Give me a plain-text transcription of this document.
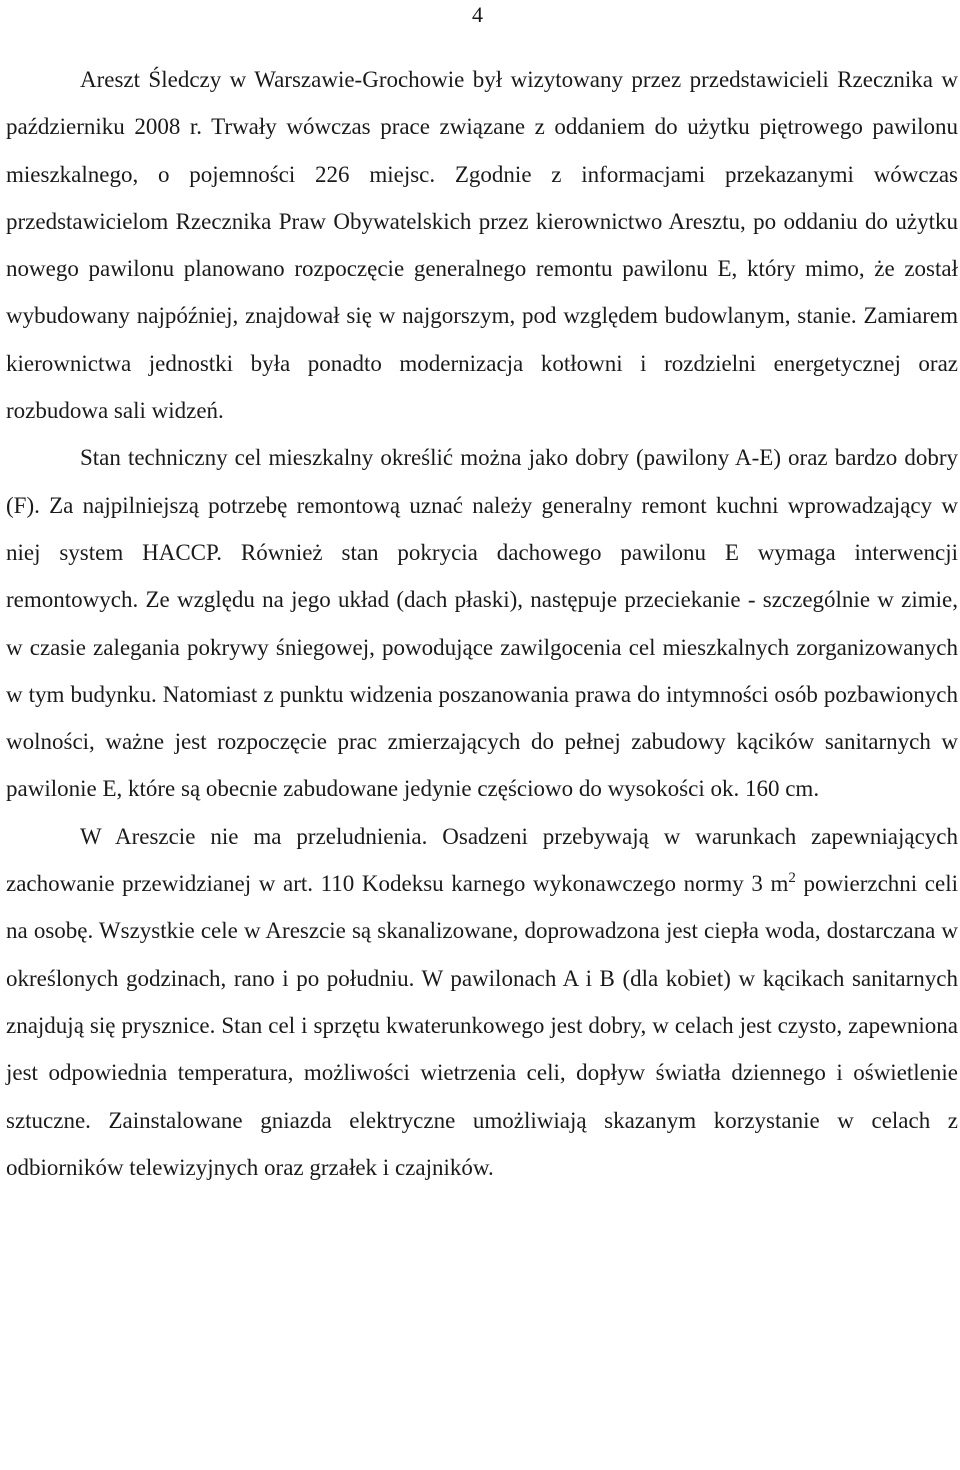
4

Areszt Śledczy w Warszawie-Grochowie był wizytowany przez przedstawicieli Rzecznika w październiku 2008 r. Trwały wówczas prace związane z oddaniem do użytku piętrowego pawilonu mieszkalnego, o pojemności 226 miejsc. Zgodnie z informacjami przekazanymi wówczas przedstawicielom Rzecznika Praw Obywatelskich przez kierownictwo Aresztu, po oddaniu do użytku nowego pawilonu planowano rozpoczęcie generalnego remontu pawilonu E, który mimo, że został wybudowany najpóźniej, znajdował się w najgorszym, pod względem budowlanym, stanie. Zamiarem kierownictwa jednostki była ponadto modernizacja kotłowni i rozdzielni energetycznej oraz rozbudowa sali widzeń.

Stan techniczny cel mieszkalny określić można jako dobry (pawilony A-E) oraz bardzo dobry (F). Za najpilniejszą potrzebę remontową uznać należy generalny remont kuchni wprowadzający w niej system HACCP. Również stan pokrycia dachowego pawilonu E wymaga interwencji remontowych. Ze względu na jego układ (dach płaski), następuje przeciekanie - szczególnie w zimie, w czasie zalegania pokrywy śniegowej, powodujące zawilgocenia cel mieszkalnych zorganizowanych w tym budynku. Natomiast z punktu widzenia poszanowania prawa do intymności osób pozbawionych wolności, ważne jest rozpoczęcie prac zmierzających do pełnej zabudowy kącików sanitarnych w pawilonie E, które są obecnie zabudowane jedynie częściowo do wysokości ok. 160 cm.

W Areszcie nie ma przeludnienia. Osadzeni przebywają w warunkach zapewniających zachowanie przewidzianej w art. 110 Kodeksu karnego wykonawczego normy 3 $m^2$ powierzchni celi na osobę. Wszystkie cele w Areszcie są skanalizowane, doprowadzona jest ciepła woda, dostarczana w określonych godzinach, rano i po południu. W pawilonach A i B (dla kobiet) w kącikach sanitarnych znajdują się prysznice. Stan cel i sprzętu kwaterunkowego jest dobry, w celach jest czysto, zapewniona jest odpowiednia temperatura, możliwości wietrzenia celi, dopływ światła dziennego i oświetlenie sztuczne. Zainstalowane gniazda elektryczne umożliwiają skazanym korzystanie w celach z odbiorników telewizyjnych oraz grzałek i czajników.
